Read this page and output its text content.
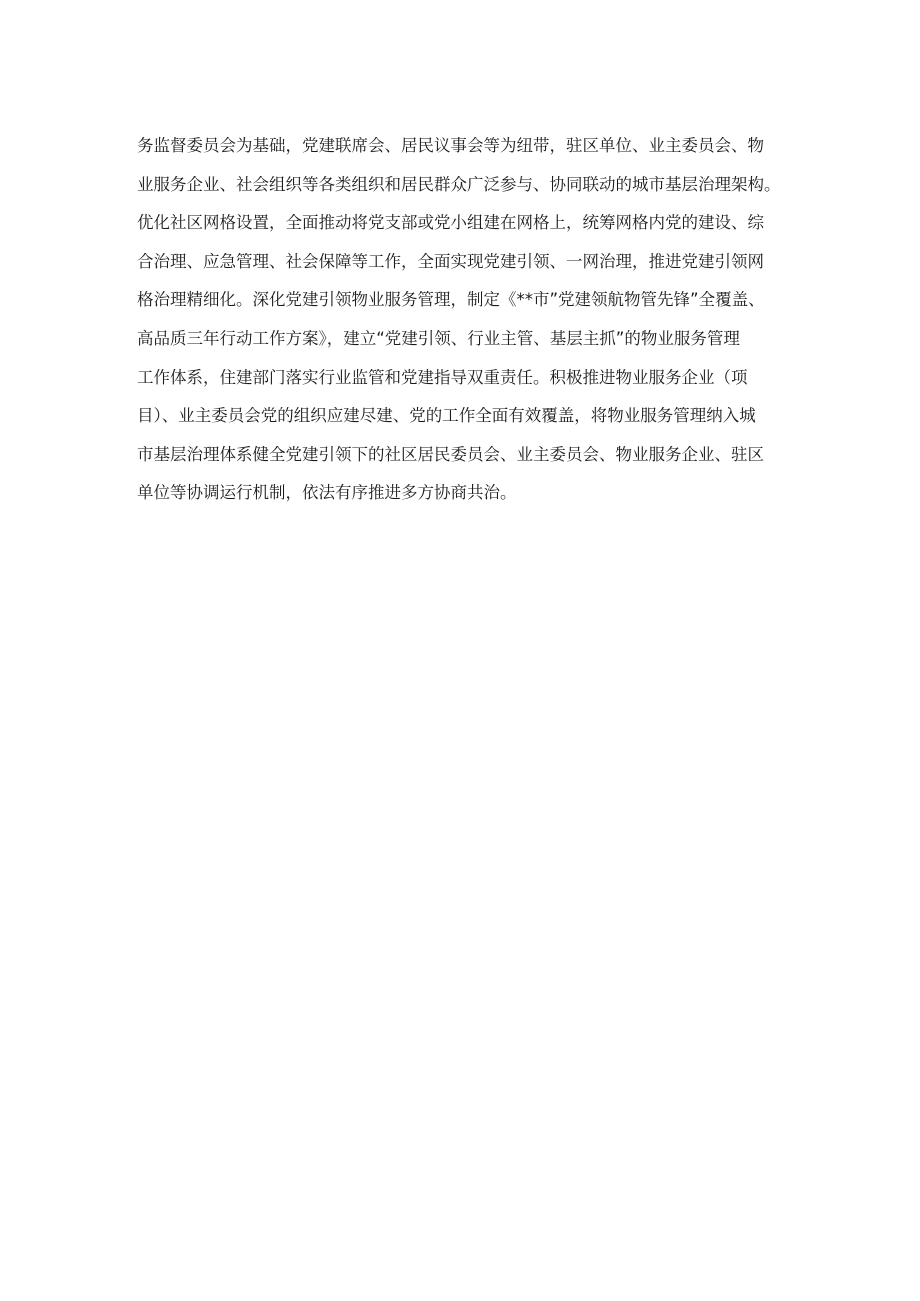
务监督委员会为基础，党建联席会、居民议事会等为纽带，驻区单位、业主委员会、物
业服务企业、社会组织等各类组织和居民群众广泛参与、协同联动的城市基层治理架构。
优化社区网格设置，全面推动将党支部或党小组建在网格上，统筹网格内党的建设、综
合治理、应急管理、社会保障等工作，全面实现党建引领、一网治理，推进党建引领网
格治理精细化。深化党建引领物业服务管理，制定《**市”党建领航物管先锋”全覆盖、
高品质三年行动工作方案》，建立“党建引领、行业主管、基层主抓”的物业服务管理
工作体系，住建部门落实行业监管和党建指导双重责任。积极推进物业服务企业（项
目）、业主委员会党的组织应建尽建、党的工作全面有效覆盖，将物业服务管理纳入城
市基层治理体系健全党建引领下的社区居民委员会、业主委员会、物业服务企业、驻区
单位等协调运行机制，依法有序推进多方协商共治。
